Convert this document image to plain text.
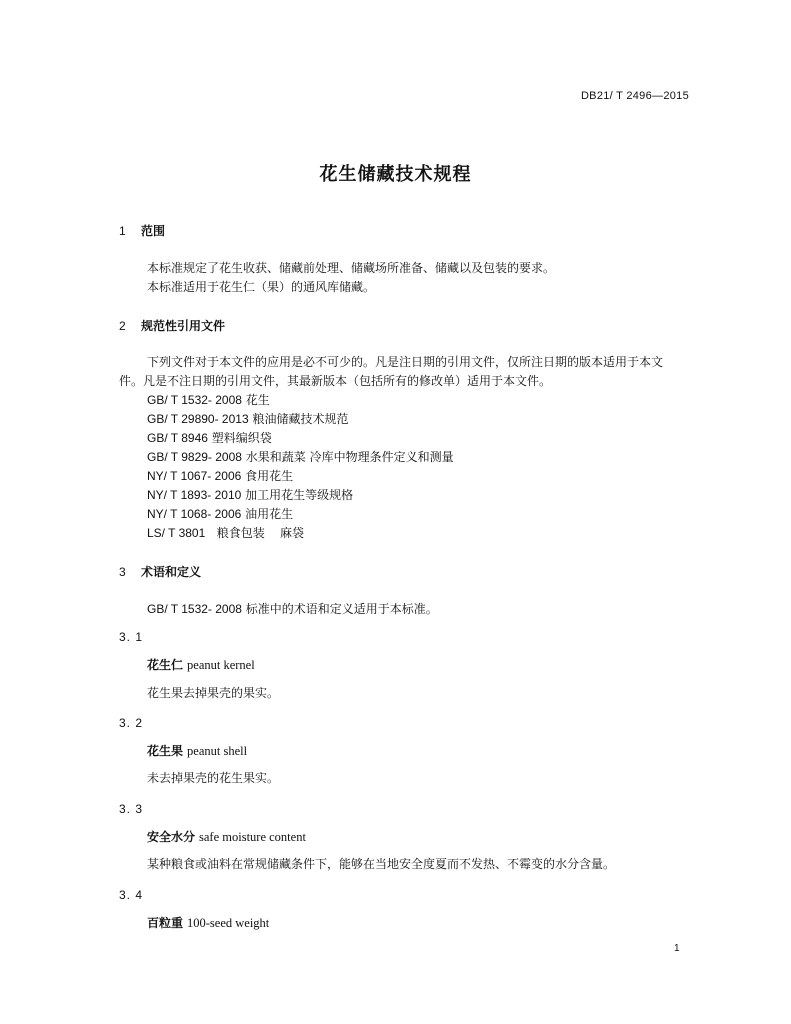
DB21/ T 2496—2015
花生储藏技术规程
1 范围
本标准规定了花生收获、储藏前处理、储藏场所准备、储藏以及包装的要求。
本标准适用于花生仁（果）的通风库储藏。
2 规范性引用文件
下列文件对于本文件的应用是必不可少的。凡是注日期的引用文件，仅所注日期的版本适用于本文
件。凡是不注日期的引用文件，其最新版本（包括所有的修改单）适用于本文件。
GB/ T 1532- 2008 花生
GB/ T 29890- 2013 粮油储藏技术规范
GB/ T 8946 塑料编织袋
GB/ T 9829- 2008 水果和蔬菜 冷库中物理条件定义和测量
NY/ T 1067- 2006 食用花生
NY/ T 1893- 2010 加工用花生等级规格
NY/ T 1068- 2006 油用花生
LS/ T 3801 粮食包装    麻袋
3 术语和定义
GB/ T 1532- 2008 标准中的术语和定义适用于本标准。
3. 1
花生仁 peanut kernel
花生果去掉果壳的果实。
3. 2
花生果 peanut shell
未去掉果壳的花生果实。
3. 3
安全水分 safe moisture content
某种粮食或油料在常规储藏条件下，能够在当地安全度夏而不发热、不霉变的水分含量。
3. 4
百粒重 100-seed weight
1
